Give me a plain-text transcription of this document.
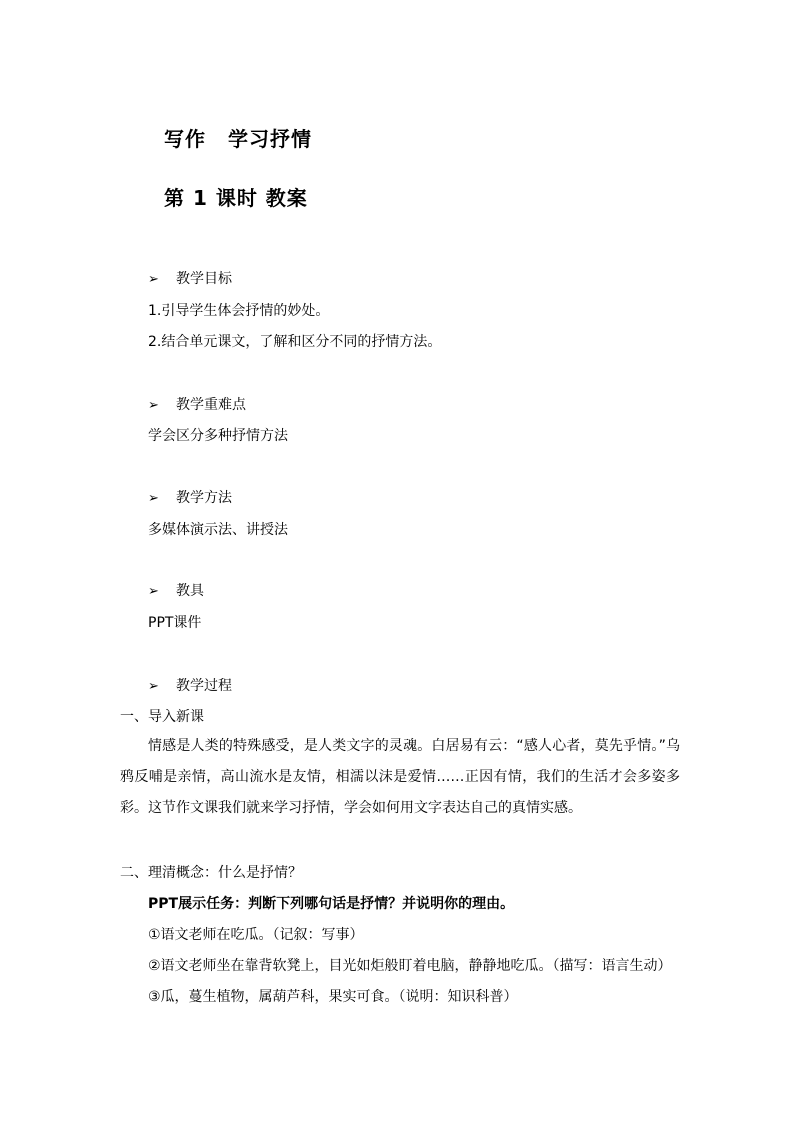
写作 学习抒情
第 1 课时 教案
➢ 教学目标
1.引导学生体会抒情的妙处。
2.结合单元课文，了解和区分不同的抒情方法。
➢ 教学重难点
学会区分多种抒情方法
➢ 教学方法
多媒体演示法、讲授法
➢ 教具
PPT课件
➢ 教学过程
一、导入新课
情感是人类的特殊感受，是人类文字的灵魂。白居易有云：“感人心者，莫先乎情。”乌鸦反哺是亲情，高山流水是友情，相濡以沫是爱情……正因有情，我们的生活才会多姿多彩。这节作文课我们就来学习抒情，学会如何用文字表达自己的真情实感。
二、理清概念：什么是抒情？
PPT展示任务：判断下列哪句话是抒情？并说明你的理由。
①语文老师在吃瓜。（记叙：写事）
②语文老师坐在靠背软凳上，目光如炬般盯着电脑，静静地吃瓜。（描写：语言生动）
③瓜，蔓生植物，属葫芦科，果实可食。（说明：知识科普）
